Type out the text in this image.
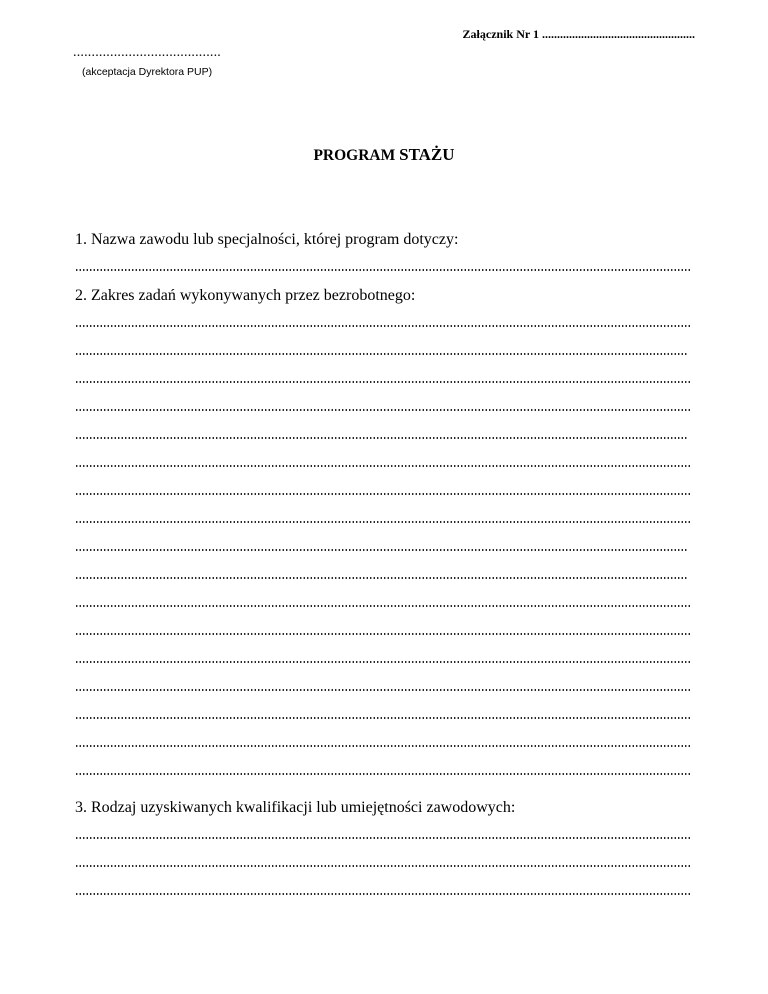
Załącznik Nr 1 ...................................................
........................................
(akceptacja Dyrektora PUP)
PROGRAM STAŻU
1. Nazwa zawodu lub specjalności, której program dotyczy:
2. Zakres zadań wykonywanych przez bezrobotnego:
3. Rodzaj uzyskiwanych kwalifikacji lub umiejętności zawodowych:
